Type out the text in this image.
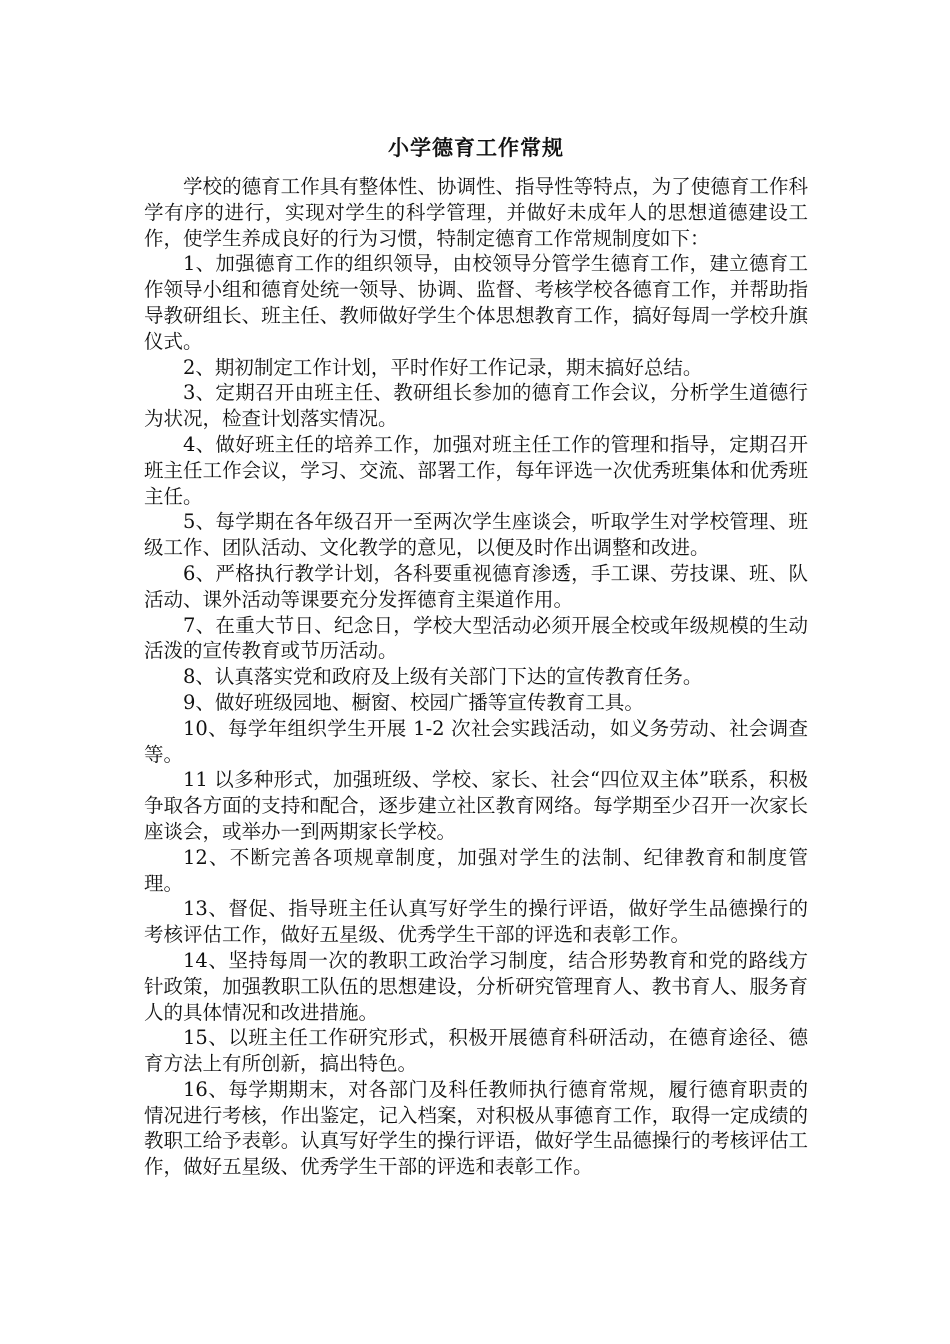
小学德育工作常规

学校的德育工作具有整体性、协调性、指导性等特点，为了使德育工作科学有序的进行，实现对学生的科学管理，并做好未成年人的思想道德建设工作，使学生养成良好的行为习惯，特制定德育工作常规制度如下：

1、加强德育工作的组织领导，由校领导分管学生德育工作，建立德育工作领导小组和德育处统一领导、协调、监督、考核学校各德育工作，并帮助指导教研组长、班主任、教师做好学生个体思想教育工作，搞好每周一学校升旗仪式。

2、期初制定工作计划，平时作好工作记录，期末搞好总结。

3、定期召开由班主任、教研组长参加的德育工作会议，分析学生道德行为状况，检查计划落实情况。

4、做好班主任的培养工作，加强对班主任工作的管理和指导，定期召开班主任工作会议，学习、交流、部署工作，每年评选一次优秀班集体和优秀班主任。

5、每学期在各年级召开一至两次学生座谈会，听取学生对学校管理、班级工作、团队活动、文化教学的意见，以便及时作出调整和改进。

6、严格执行教学计划，各科要重视德育渗透，手工课、劳技课、班、队活动、课外活动等课要充分发挥德育主渠道作用。

7、在重大节日、纪念日，学校大型活动必须开展全校或年级规模的生动活泼的宣传教育或节历活动。

8、认真落实党和政府及上级有关部门下达的宣传教育任务。

9、做好班级园地、橱窗、校园广播等宣传教育工具。

10、每学年组织学生开展 1-2 次社会实践活动，如义务劳动、社会调查等。

11 以多种形式，加强班级、学校、家长、社会“四位双主体”联系，积极争取各方面的支持和配合，逐步建立社区教育网络。每学期至少召开一次家长座谈会，或举办一到两期家长学校。

12、不断完善各项规章制度，加强对学生的法制、纪律教育和制度管理。

13、督促、指导班主任认真写好学生的操行评语，做好学生品德操行的考核评估工作，做好五星级、优秀学生干部的评选和表彰工作。

14、坚持每周一次的教职工政治学习制度，结合形势教育和党的路线方针政策，加强教职工队伍的思想建设，分析研究管理育人、教书育人、服务育人的具体情况和改进措施。

15、以班主任工作研究形式，积极开展德育科研活动，在德育途径、德育方法上有所创新，搞出特色。

16、每学期期末，对各部门及科任教师执行德育常规，履行德育职责的情况进行考核，作出鉴定，记入档案，对积极从事德育工作，取得一定成绩的教职工给予表彰。认真写好学生的操行评语，做好学生品德操行的考核评估工作，做好五星级、优秀学生干部的评选和表彰工作。
